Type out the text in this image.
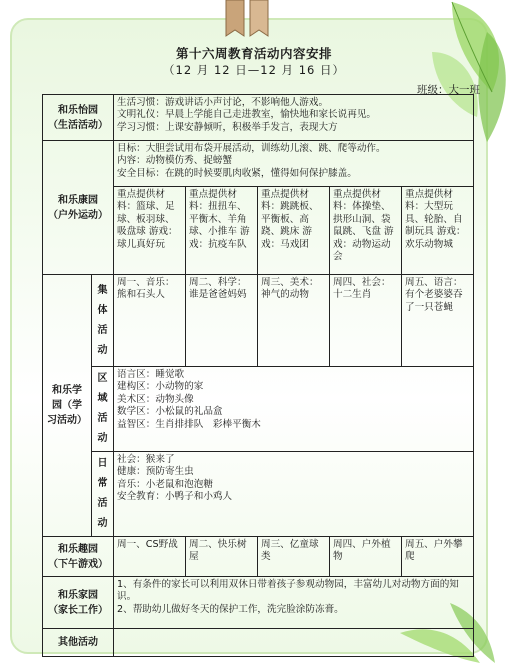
第十六周教育活动内容安排
（12 月 12 日—12 月 16 日）
班级：大一班
和乐怡园
（生活活动）		生活习惯：游戏讲话小声讨论，不影响他人游戏。
文明礼仪：早晨上学能自己走进教室，愉快地和家长说再见。
学习习惯：上课安静倾听，积极举手发言，表现大方				

和乐康园
（户外运动）		目标：大胆尝试用布袋开展活动，训练幼儿滚、跳、爬等动作。
内容：动物模仿秀、捉螃蟹
安全目标：在跳的时候要肌肉收紧，懂得如何保护膝盖。				

		重点提供材料：篮球、足球、板羽球、吸盘球 游戏：球儿真好玩	重点提供材料：扭扭车、平衡木、羊角球、小推车 游戏：抗疫车队	重点提供材料：跳跳板、平衡板、高跷、跳床 游戏：马戏团	重点提供材料：体操垫、拱形山洞、袋鼠跳、飞盘 游戏：动物运动会	重点提供材料：大型玩具、轮胎、自制玩具 游戏：欢乐动物城

和乐学
园（学
习活动）	集
体
活
动	周一、音乐：熊和石头人	周二、科学：谁是爸爸妈妈	周三、美术：神气的动物	周四、社会：十二生肖	周五、语言：有个老婆婆吞了一只苍蝇

	区
域
活
动	语言区：睡觉歌
建构区：小动物的家
美术区：动物头像
数学区：小松鼠的礼品盒
益智区：生肖排排队　彩棒平衡木				

	日
常
活
动	社会：猴来了
健康：预防寄生虫
音乐：小老鼠和泡泡糖
安全教育：小鸭子和小鸡人				

和乐趣园
（下午游戏）		周一、CS野战	周二、快乐树屋	周三、亿童球类	周四、户外植物	周五、户外攀爬

和乐家园
（家长工作）		1、有条件的家长可以利用双休日带着孩子参观动物园，丰富幼儿对动物方面的知识。
2、帮助幼儿做好冬天的保护工作，洗完脸涂防冻膏。				

其他活动						
